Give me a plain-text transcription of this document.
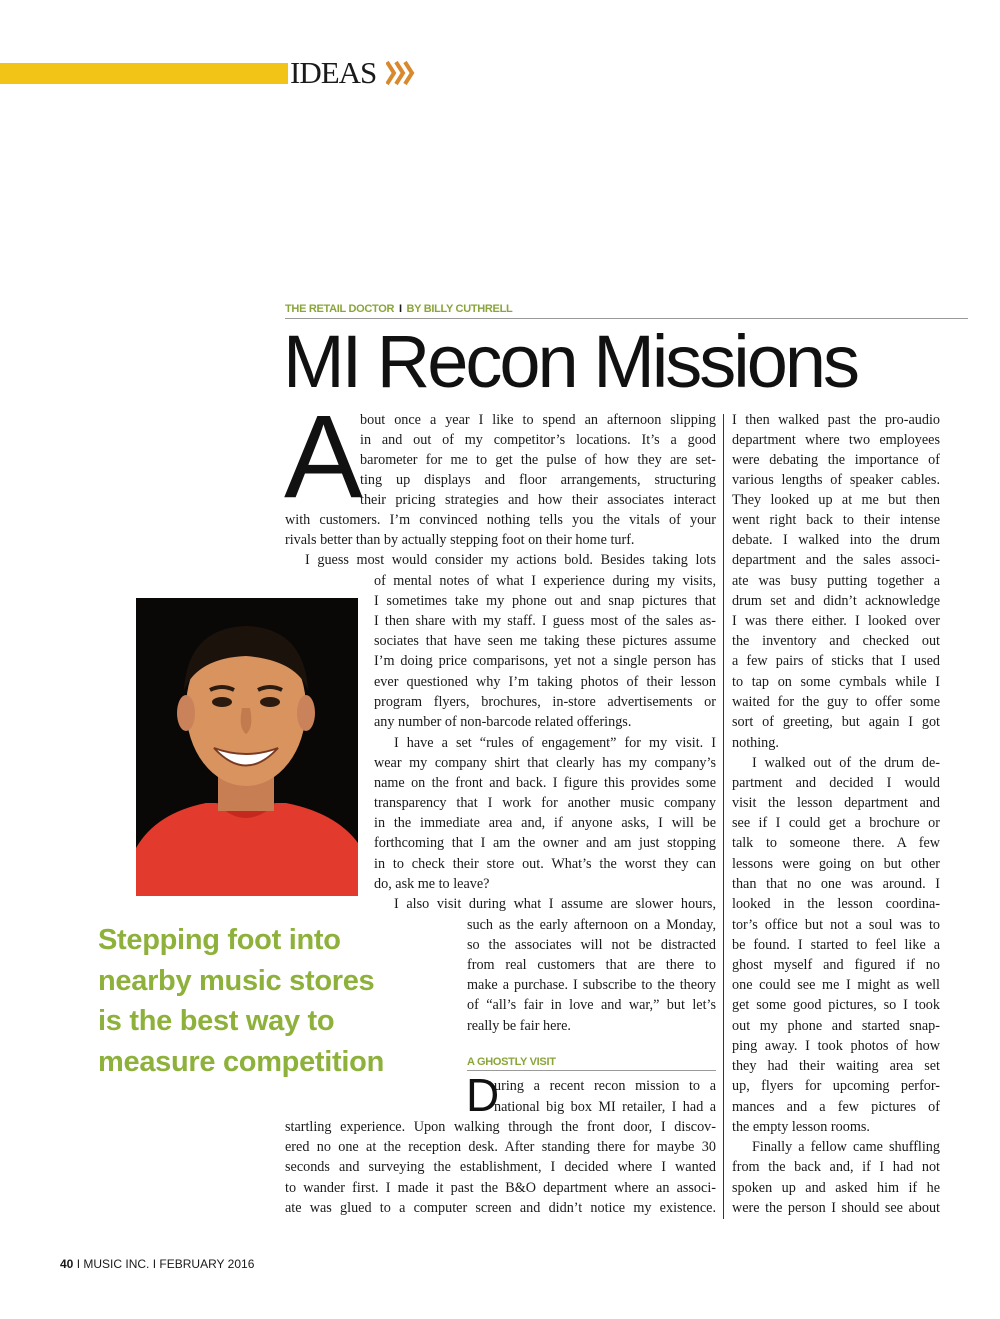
IDEAS
THE RETAIL DOCTOR I BY BILLY CUTHRELL
MI Recon Missions
Stepping foot into
nearby music stores
is the best way to
measure competition
A
D
A GHOSTLY VISIT
bout once a year I like to spend an afternoon slipping
in and out of my competitor’s locations. It’s a good
barometer for me to get the pulse of how they are set-
ting up displays and floor arrangements, structuring
their pricing strategies and how their associates interact
with customers. I’m convinced nothing tells you the vitals of your
rivals better than by actually stepping foot on their home turf.
I guess most would consider my actions bold. Besides taking lots
of mental notes of what I experience during my visits,
I sometimes take my phone out and snap pictures that
I then share with my staff. I guess most of the sales as-
sociates that have seen me taking these pictures assume
I’m doing price comparisons, yet not a single person has
ever questioned why I’m taking photos of their lesson
program flyers, brochures, in-store advertisements or
any number of non-barcode related offerings.
I have a set “rules of engagement” for my visit. I
wear my company shirt that clearly has my company’s
name on the front and back. I figure this provides some
transparency that I work for another music company
in the immediate area and, if anyone asks, I will be
forthcoming that I am the owner and am just stopping
in to check their store out. What’s the worst they can
do, ask me to leave?
I also visit during what I assume are slower hours,
such as the early afternoon on a Monday,
so the associates will not be distracted
from real customers that are there to
make a purchase. I subscribe to the theory
of “all’s fair in love and war,” but let’s
really be fair here.
uring a recent recon mission to a
national big box MI retailer, I had a
startling experience. Upon walking through the front door, I discov-
ered no one at the reception desk. After standing there for maybe 30
seconds and surveying the establishment, I decided where I wanted
to wander first. I made it past the B&O department where an associ-
ate was glued to a computer screen and didn’t notice my existence.
I then walked past the pro-audio
department where two employees
were debating the importance of
various lengths of speaker cables.
They looked up at me but then
went right back to their intense
debate. I walked into the drum
department and the sales associ-
ate was busy putting together a
drum set and didn’t acknowledge
I was there either. I looked over
the inventory and checked out
a few pairs of sticks that I used
to tap on some cymbals while I
waited for the guy to offer some
sort of greeting, but again I got
nothing.
I walked out of the drum de-
partment and decided I would
visit the lesson department and
see if I could get a brochure or
talk to someone there. A few
lessons were going on but other
than that no one was around. I
looked in the lesson coordina-
tor’s office but not a soul was to
be found. I started to feel like a
ghost myself and figured if no
one could see me I might as well
get some good pictures, so I took
out my phone and started snap-
ping away. I took photos of how
they had their waiting area set
up, flyers for upcoming perfor-
mances and a few pictures of
the empty lesson rooms.
Finally a fellow came shuffling
from the back and, if I had not
spoken up and asked him if he
were the person I should see about
40 I MUSIC INC. I FEBRUARY 2016
